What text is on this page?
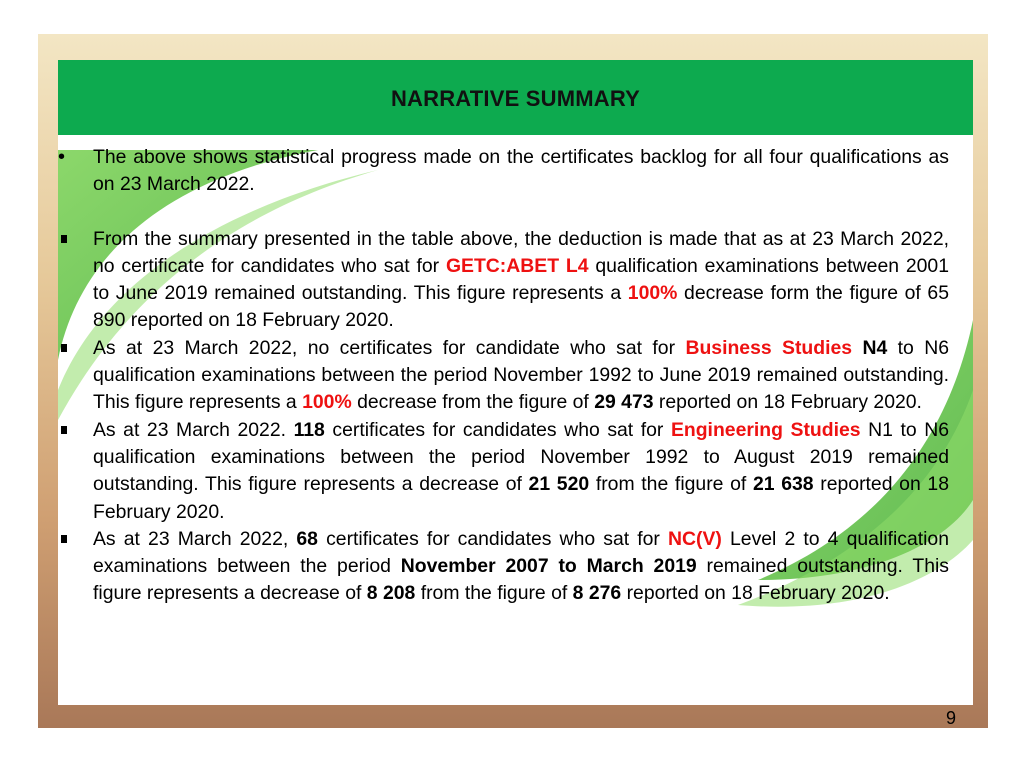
NARRATIVE SUMMARY
•	The above shows statistical progress made on the certificates backlog for all four qualifications as on 23 March 2022.
From the summary presented in the table above, the deduction is made that as at 23 March 2022, no certificate for candidates who sat for GETC:ABET L4 qualification examinations between 2001 to June 2019 remained outstanding. This figure represents a 100% decrease form the figure of 65 890 reported on 18 February 2020.
As at 23 March 2022, no certificates for candidate who sat for Business Studies N4 to N6 qualification examinations between the period November 1992 to June 2019 remained outstanding. This figure represents a 100% decrease from the figure of 29 473 reported on 18 February 2020.
As at 23 March 2022. 118 certificates for candidates who sat for Engineering Studies N1 to N6 qualification examinations between the period November 1992 to August 2019 remained outstanding. This figure represents a decrease of 21 520 from the figure of 21 638 reported on 18 February 2020.
As at 23 March 2022, 68 certificates for candidates who sat for NC(V) Level 2 to 4 qualification examinations between the period November 2007 to March 2019 remained outstanding. This figure represents a decrease of 8 208 from the figure of 8 276 reported on 18 February 2020.
9
